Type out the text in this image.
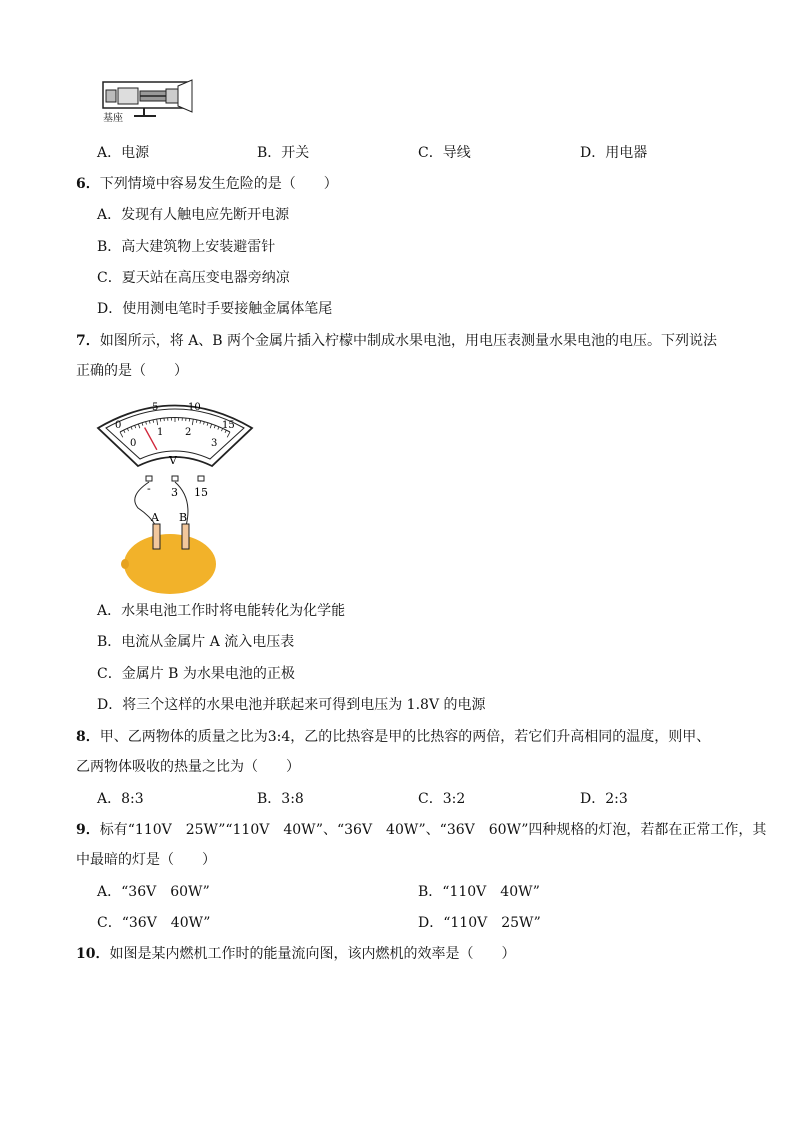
基座
A．电源	B．开关	C．导线	D．用电器
6．下列情境中容易发生危险的是（　　）
A．发现有人触电应先断开电源
B．高大建筑物上安装避雷针
C．夏天站在高压变电器旁纳凉
D．使用测电笔时手要接触金属体笔尾
7．如图所示，将 A、B 两个金属片插入柠檬中制成水果电池，用电压表测量水果电池的电压。下列说法
正确的是（　　）
0
5	10
15
0
1 2
3
V
- 3 15
A B
A．水果电池工作时将电能转化为化学能
B．电流从金属片 A 流入电压表
C．金属片 B 为水果电池的正极
D．将三个这样的水果电池并联起来可得到电压为 1.8V 的电源
8．甲、乙两物体的质量之比为3:4，乙的比热容是甲的比热容的两倍，若它们升高相同的温度，则甲、
乙两物体吸收的热量之比为（　　）
A．8:3	B．3:8	C．3:2	D．2:3
9．标有“110V　25W”“110V　40W”、“36V　40W”、“36V　60W”四种规格的灯泡，若都在正常工作，其
中最暗的灯是（　　）
A．“36V　60W”	B．“110V　40W”
C．“36V　40W”	D．“110V　25W”
10．如图是某内燃机工作时的能量流向图，该内燃机的效率是（　　）
